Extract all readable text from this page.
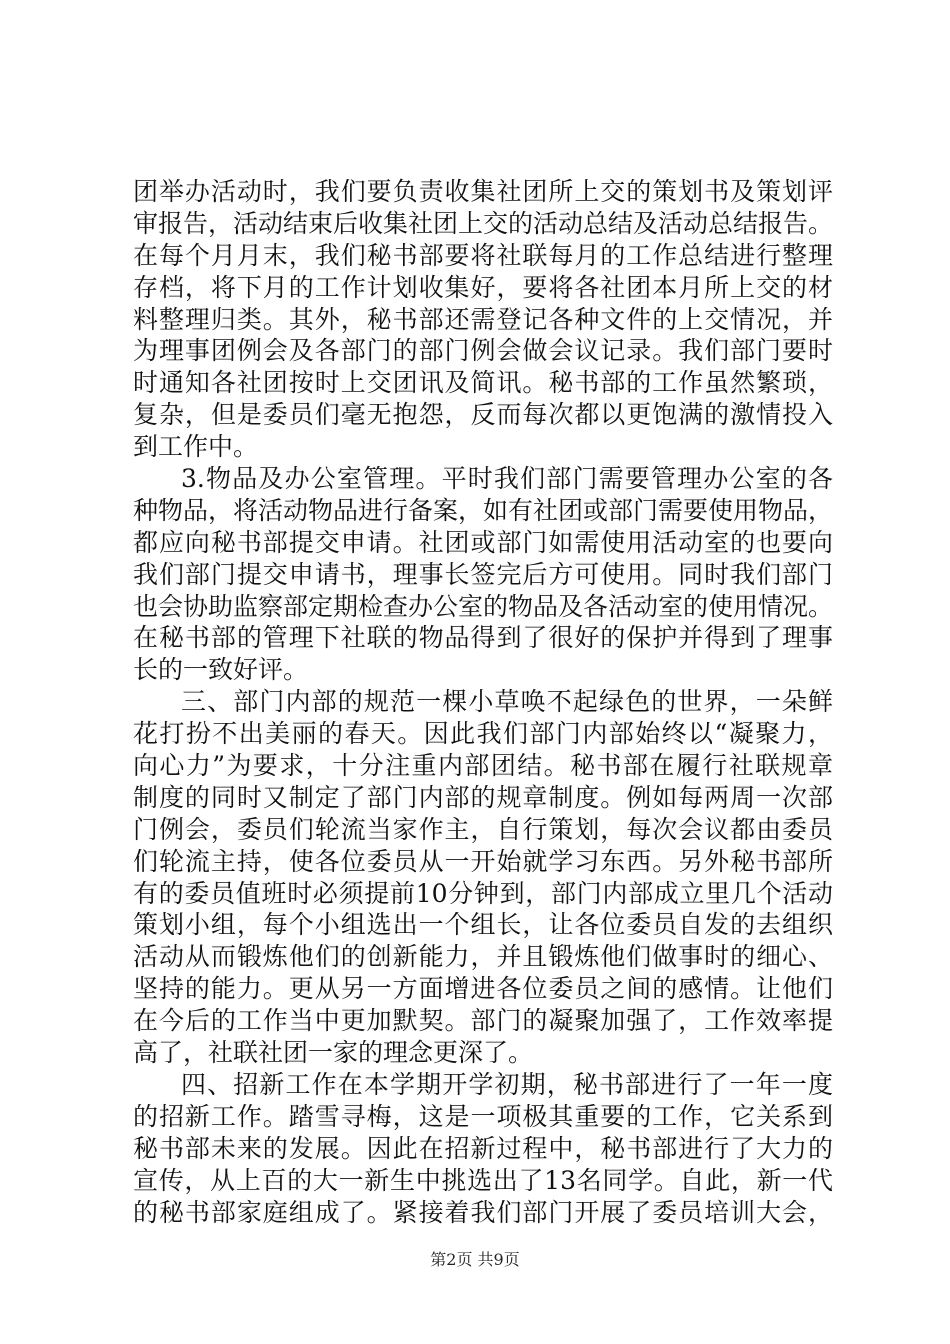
团举办活动时，我们要负责收集社团所上交的策划书及策划评
审报告，活动结束后收集社团上交的活动总结及活动总结报告。
在每个月月末，我们秘书部要将社联每月的工作总结进行整理
存档，将下月的工作计划收集好，要将各社团本月所上交的材
料整理归类。其外，秘书部还需登记各种文件的上交情况，并
为理事团例会及各部门的部门例会做会议记录。我们部门要时
时通知各社团按时上交团讯及简讯。秘书部的工作虽然繁琐，
复杂，但是委员们毫无抱怨，反而每次都以更饱满的激情投入
到工作中。
3.物品及办公室管理。平时我们部门需要管理办公室的各
种物品，将活动物品进行备案，如有社团或部门需要使用物品，
都应向秘书部提交申请。社团或部门如需使用活动室的也要向
我们部门提交申请书，理事长签完后方可使用。同时我们部门
也会协助监察部定期检查办公室的物品及各活动室的使用情况。
在秘书部的管理下社联的物品得到了很好的保护并得到了理事
长的一致好评。
三、部门内部的规范一棵小草唤不起绿色的世界，一朵鲜
花打扮不出美丽的春天。因此我们部门内部始终以“凝聚力，
向心力”为要求，十分注重内部团结。秘书部在履行社联规章
制度的同时又制定了部门内部的规章制度。例如每两周一次部
门例会，委员们轮流当家作主，自行策划，每次会议都由委员
们轮流主持，使各位委员从一开始就学习东西。另外秘书部所
有的委员值班时必须提前10分钟到，部门内部成立里几个活动
策划小组，每个小组选出一个组长，让各位委员自发的去组织
活动从而锻炼他们的创新能力，并且锻炼他们做事时的细心、
坚持的能力。更从另一方面增进各位委员之间的感情。让他们
在今后的工作当中更加默契。部门的凝聚加强了，工作效率提
高了，社联社团一家的理念更深了。
四、招新工作在本学期开学初期，秘书部进行了一年一度
的招新工作。踏雪寻梅，这是一项极其重要的工作，它关系到
秘书部未来的发展。因此在招新过程中，秘书部进行了大力的
宣传，从上百的大一新生中挑选出了13名同学。自此，新一代
的秘书部家庭组成了。紧接着我们部门开展了委员培训大会，
第2页 共9页
